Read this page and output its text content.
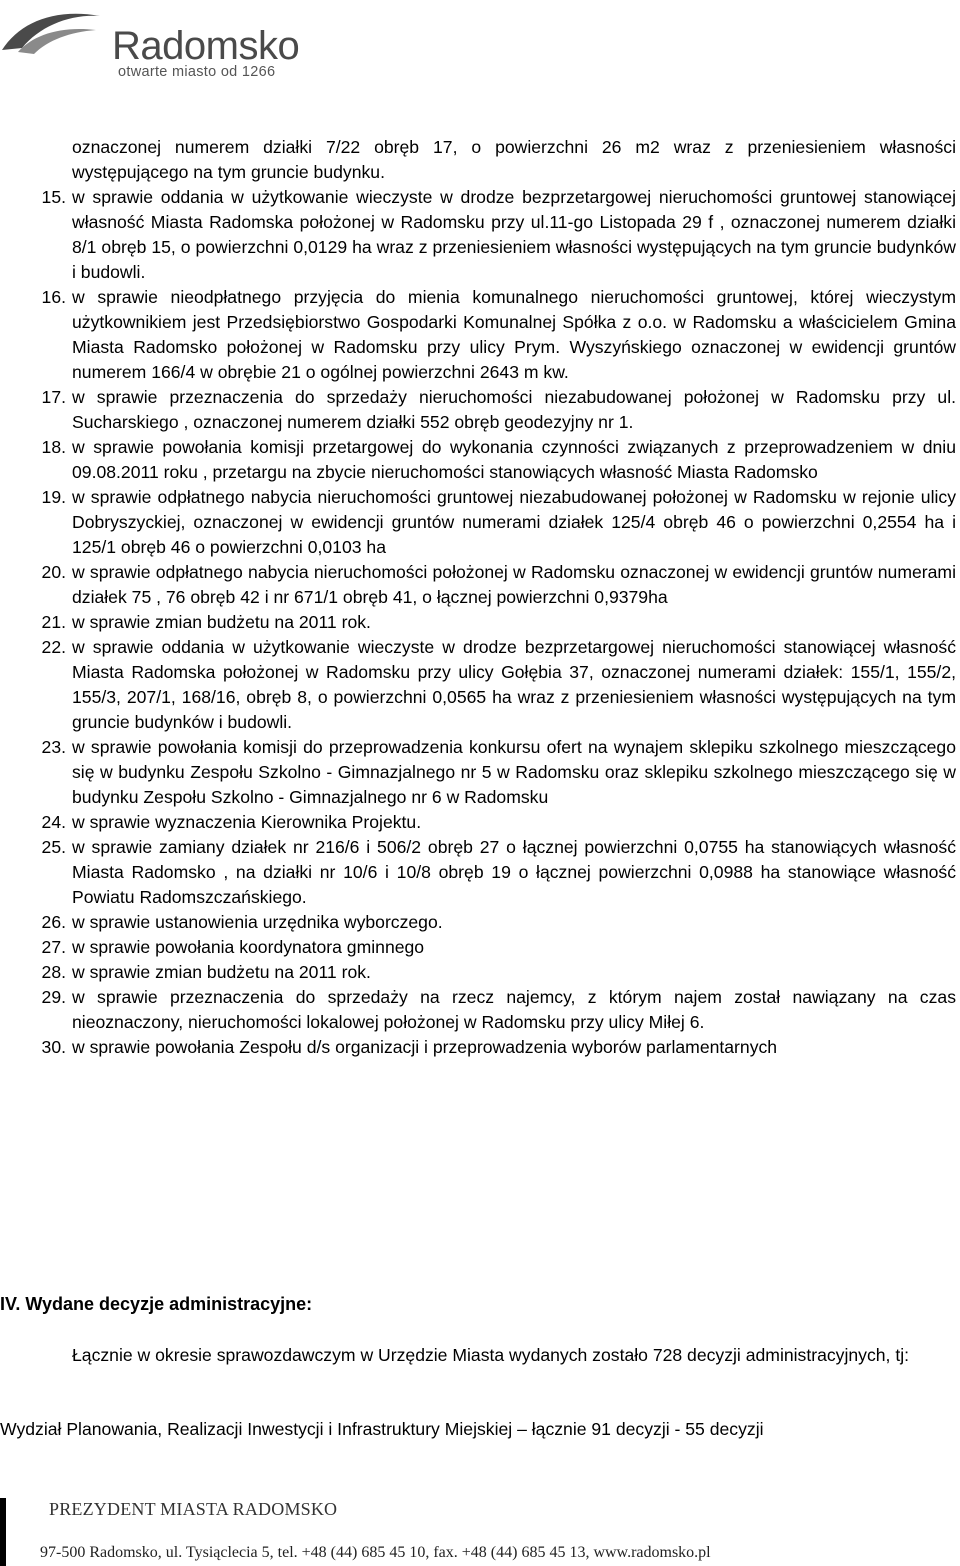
Radomsko
otwarte miasto od 1266
oznaczonej numerem działki 7/22 obręb 17, o powierzchni 26 m2 wraz z przeniesieniem własności występującego na tym gruncie budynku.
15. w sprawie oddania w użytkowanie wieczyste w drodze bezprzetargowej nieruchomości gruntowej stanowiącej własność Miasta Radomska położonej w Radomsku przy ul.11-go Listopada 29 f , oznaczonej numerem działki 8/1 obręb 15, o powierzchni 0,0129 ha wraz z przeniesieniem własności występujących na tym gruncie budynków i budowli.
16. w sprawie nieodpłatnego przyjęcia do mienia komunalnego nieruchomości gruntowej, której wieczystym użytkownikiem jest Przedsiębiorstwo Gospodarki Komunalnej Spółka z o.o. w Radomsku a właścicielem Gmina Miasta Radomsko położonej w Radomsku przy ulicy Prym. Wyszyńskiego oznaczonej w ewidencji gruntów numerem 166/4 w obrębie 21 o ogólnej powierzchni 2643 m kw.
17. w sprawie przeznaczenia do sprzedaży nieruchomości niezabudowanej położonej w Radomsku przy ul. Sucharskiego , oznaczonej numerem działki 552 obręb geodezyjny nr 1.
18. w sprawie powołania komisji przetargowej do wykonania czynności związanych z przeprowadzeniem w dniu 09.08.2011 roku , przetargu na zbycie nieruchomości stanowiących własność Miasta Radomsko
19. w sprawie odpłatnego nabycia nieruchomości gruntowej niezabudowanej położonej w Radomsku w rejonie ulicy Dobryszyckiej, oznaczonej w ewidencji gruntów numerami działek 125/4 obręb 46 o powierzchni 0,2554 ha i 125/1 obręb 46 o powierzchni 0,0103 ha
20. w sprawie odpłatnego nabycia nieruchomości położonej w Radomsku oznaczonej w ewidencji gruntów numerami działek 75 , 76 obręb 42 i nr 671/1 obręb 41, o łącznej powierzchni 0,9379ha
21. w sprawie zmian budżetu na 2011 rok.
22. w sprawie oddania w użytkowanie wieczyste w drodze bezprzetargowej nieruchomości stanowiącej własność Miasta Radomska położonej w Radomsku przy ulicy Gołębia 37, oznaczonej numerami działek: 155/1, 155/2, 155/3, 207/1, 168/16, obręb 8, o powierzchni 0,0565 ha wraz z przeniesieniem własności występujących na tym gruncie budynków i budowli.
23. w sprawie powołania komisji do przeprowadzenia konkursu ofert na wynajem sklepiku szkolnego mieszczącego się w budynku Zespołu Szkolno - Gimnazjalnego nr 5 w Radomsku oraz sklepiku szkolnego mieszczącego się w budynku Zespołu Szkolno - Gimnazjalnego nr 6 w Radomsku
24. w sprawie wyznaczenia Kierownika Projektu.
25. w sprawie zamiany działek nr 216/6 i 506/2 obręb 27 o łącznej powierzchni 0,0755 ha stanowiących własność Miasta Radomsko , na działki nr 10/6 i 10/8 obręb 19 o łącznej powierzchni 0,0988 ha stanowiące własność Powiatu Radomszczańskiego.
26. w sprawie ustanowienia urzędnika wyborczego.
27. w sprawie powołania koordynatora gminnego
28. w sprawie zmian budżetu na 2011 rok.
29. w sprawie przeznaczenia do sprzedaży na rzecz najemcy, z którym najem został nawiązany na czas nieoznaczony, nieruchomości lokalowej położonej w Radomsku przy ulicy Miłej 6.
30. w sprawie powołania Zespołu d/s organizacji i przeprowadzenia wyborów parlamentarnych
IV. Wydane decyzje administracyjne:
Łącznie w okresie sprawozdawczym w Urzędzie Miasta wydanych zostało 728 decyzji administracyjnych, tj:
Wydział Planowania, Realizacji Inwestycji i Infrastruktury Miejskiej – łącznie 91 decyzji - 55 decyzji
PREZYDENT MIASTA RADOMSKO
97-500 Radomsko, ul. Tysiąclecia 5, tel. +48 (44) 685 45 10, fax. +48 (44) 685 45 13, www.radomsko.pl
